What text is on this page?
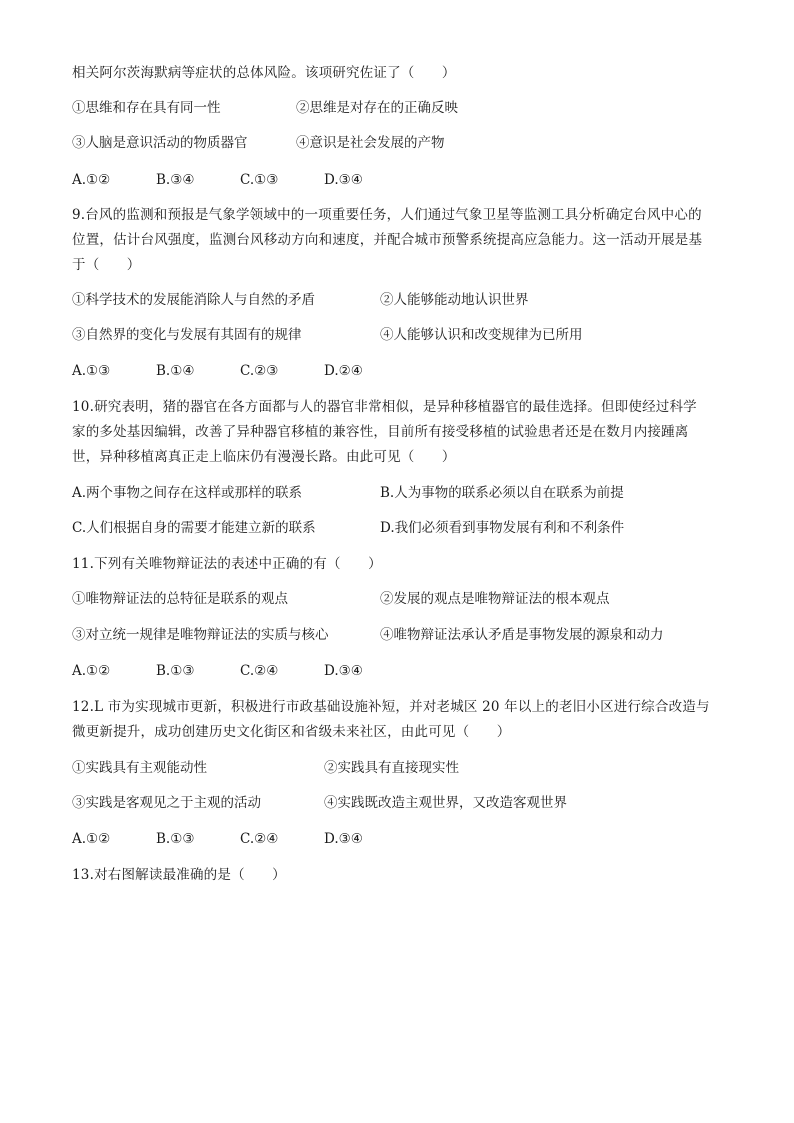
相关阿尔茨海默病等症状的总体风险。该项研究佐证了（　　）
①思维和存在具有同一性	②思维是对存在的正确反映
③人脑是意识活动的物质器官	④意识是社会发展的产物
A.①②	B.③④	C.①③	D.③④
9.台风的监测和预报是气象学领域中的一项重要任务，人们通过气象卫星等监测工具分析确定台风中心的
位置，估计台风强度，监测台风移动方向和速度，并配合城市预警系统提高应急能力。这一活动开展是基
于（　　）
①科学技术的发展能消除人与自然的矛盾	②人能够能动地认识世界
③自然界的变化与发展有其固有的规律	④人能够认识和改变规律为已所用
A.①③	B.①④	C.②③	D.②④
10.研究表明，猪的器官在各方面都与人的器官非常相似，是异种移植器官的最佳选择。但即使经过科学
家的多处基因编辑，改善了异种器官移植的兼容性，目前所有接受移植的试验患者还是在数月内接踵离
世，异种移植离真正走上临床仍有漫漫长路。由此可见（　　）
A.两个事物之间存在这样或那样的联系	B.人为事物的联系必须以自在联系为前提
C.人们根据自身的需要才能建立新的联系	D.我们必须看到事物发展有利和不利条件
11.下列有关唯物辩证法的表述中正确的有（　　）
①唯物辩证法的总特征是联系的观点	②发展的观点是唯物辩证法的根本观点
③对立统一规律是唯物辩证法的实质与核心	④唯物辩证法承认矛盾是事物发展的源泉和动力
A.①②	B.①③	C.②④	D.③④
12.L 市为实现城市更新，积极进行市政基础设施补短，并对老城区 20 年以上的老旧小区进行综合改造与
微更新提升，成功创建历史文化街区和省级未来社区，由此可见（　　）
①实践具有主观能动性	②实践具有直接现实性
③实践是客观见之于主观的活动	④实践既改造主观世界，又改造客观世界
A.①②	B.①③	C.②④	D.③④
13.对右图解读最准确的是（　　）
